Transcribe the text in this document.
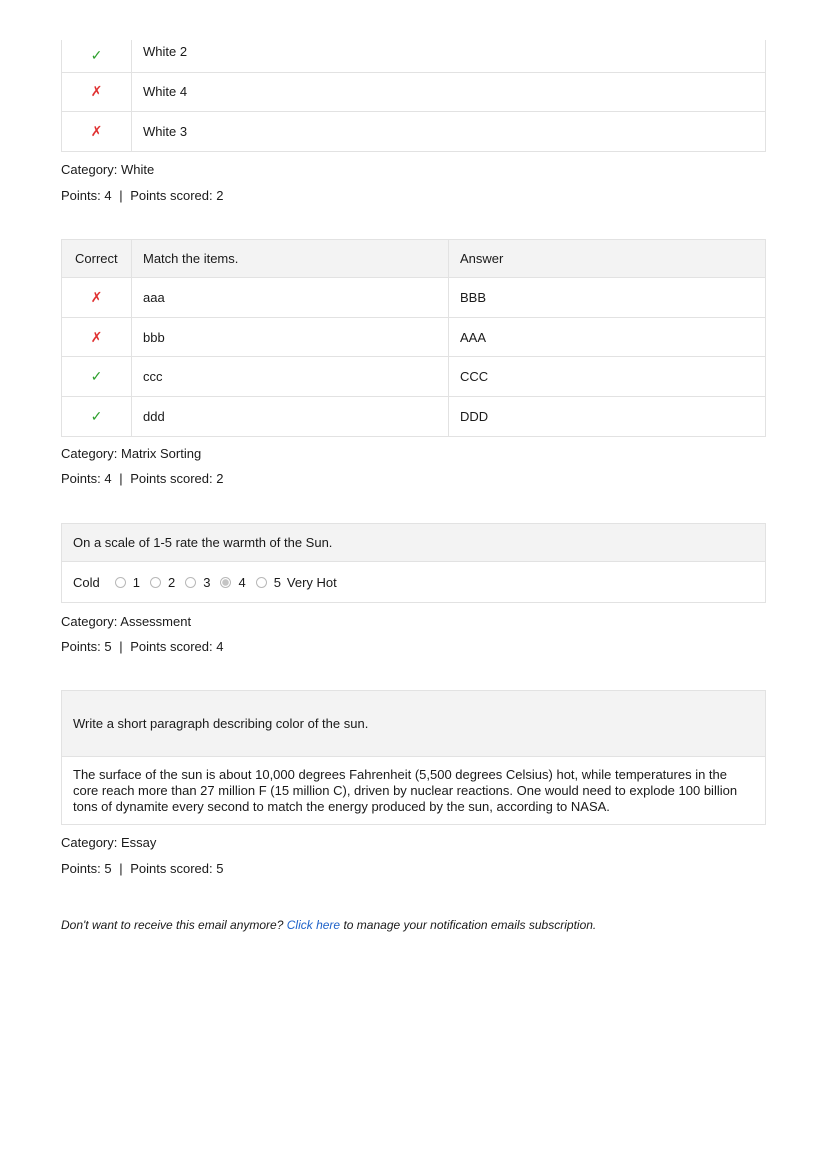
✓	White 2
✗	White 4
✗	White 3
Category: White
Points: 4 | Points scored: 2
Correct	Match the items.	Answer
✗	aaa	BBB
✗	bbb	AAA
✓	ccc	CCC
✓	ddd	DDD
Category: Matrix Sorting
Points: 4 | Points scored: 2
On a scale of 1-5 rate the warmth of the Sun.
Cold	1	2	3	4	5 Very Hot
Category: Assessment
Points: 5 | Points scored: 4
Write a short paragraph describing color of the sun.
The surface of the sun is about 10,000 degrees Fahrenheit (5,500 degrees Celsius) hot, while temperatures in the core reach more than 27 million F (15 million C), driven by nuclear reactions. One would need to explode 100 billion tons of dynamite every second to match the energy produced by the sun, according to NASA.
Category: Essay
Points: 5 | Points scored: 5
Don't want to receive this email anymore? Click here to manage your notification emails subscription.
